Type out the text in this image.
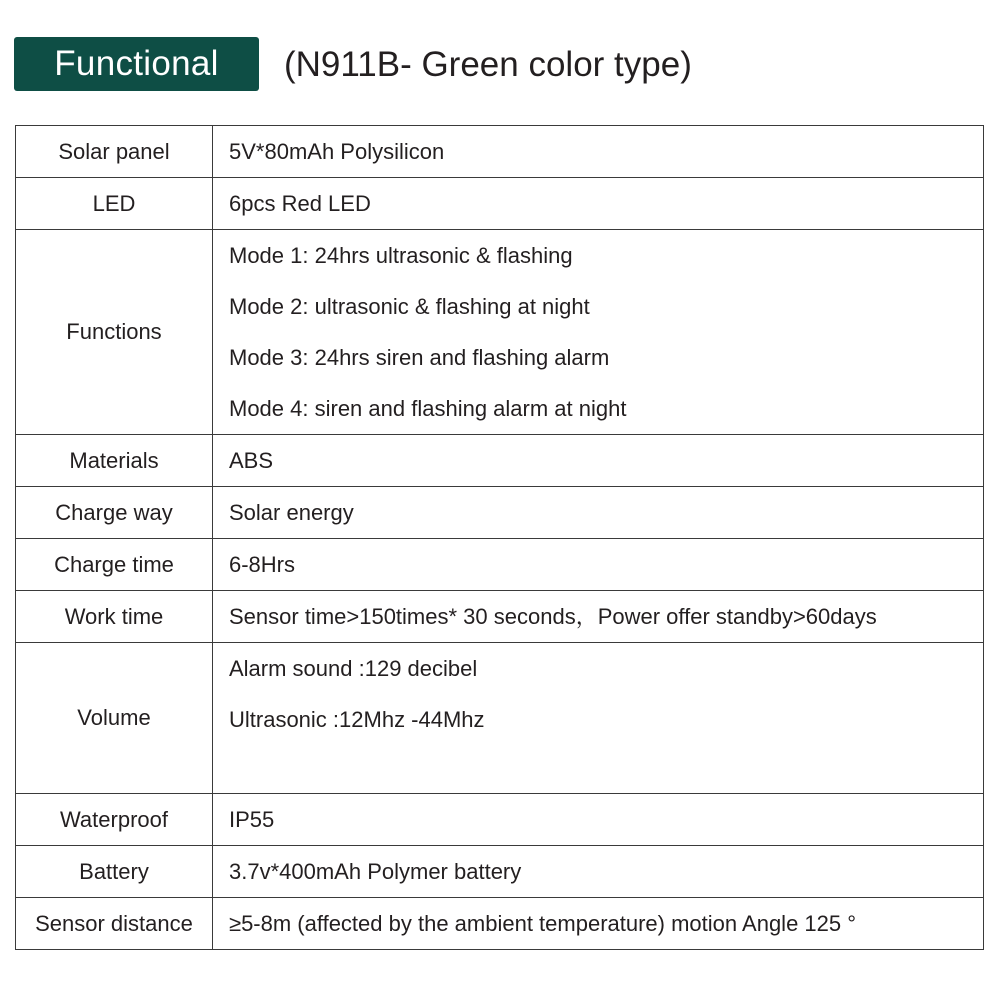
Functional	(N911B- Green color type)
Solar panel	5V*80mAh Polysilicon
LED	6pcs Red LED
Functions	Mode 1: 24hrs ultrasonic & flashing
Mode 2: ultrasonic & flashing at night
Mode 3: 24hrs siren and flashing alarm
Mode 4: siren and flashing alarm at night

Materials	ABS
Charge way	Solar energy
Charge time	6-8Hrs
Work time	Sensor time>150times* 30 seconds，Power offer standby>60days
Volume	Alarm sound :129 decibel
Ultrasonic :12Mhz -44Mhz

Waterproof	IP55
Battery	3.7v*400mAh Polymer battery
Sensor distance	≥5-8m (affected by the ambient temperature) motion Angle 125 °
